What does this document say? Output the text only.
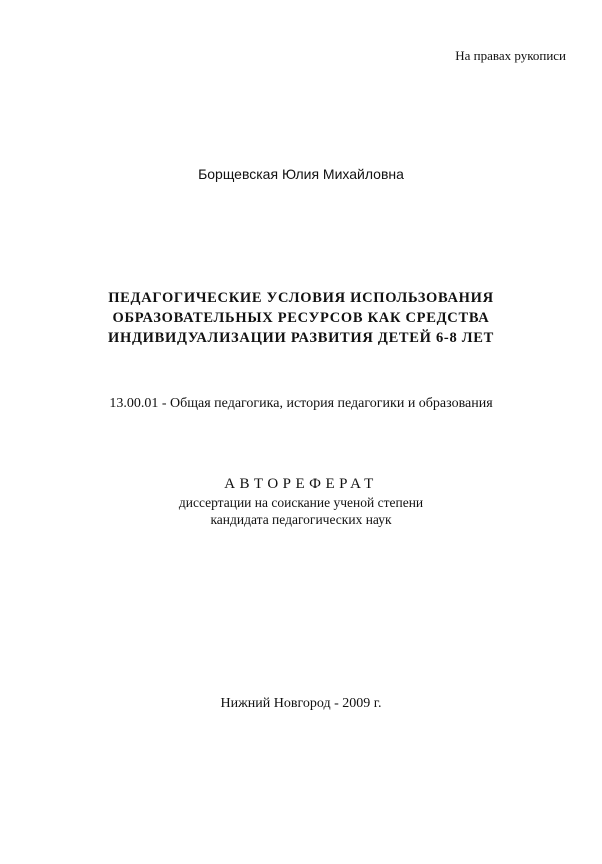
На правах рукописи
Борщевская Юлия Михайловна
ПЕДАГОГИЧЕСКИЕ УСЛОВИЯ ИСПОЛЬЗОВАНИЯ
ОБРАЗОВАТЕЛЬНЫХ РЕСУРСОВ КАК СРЕДСТВА
ИНДИВИДУАЛИЗАЦИИ РАЗВИТИЯ ДЕТЕЙ 6-8 ЛЕТ
13.00.01 - Общая педагогика, история педагогики и образования
АВТОРЕФЕРАТ
диссертации на соискание ученой степени
кандидата педагогических наук
Нижний Новгород - 2009 г.
